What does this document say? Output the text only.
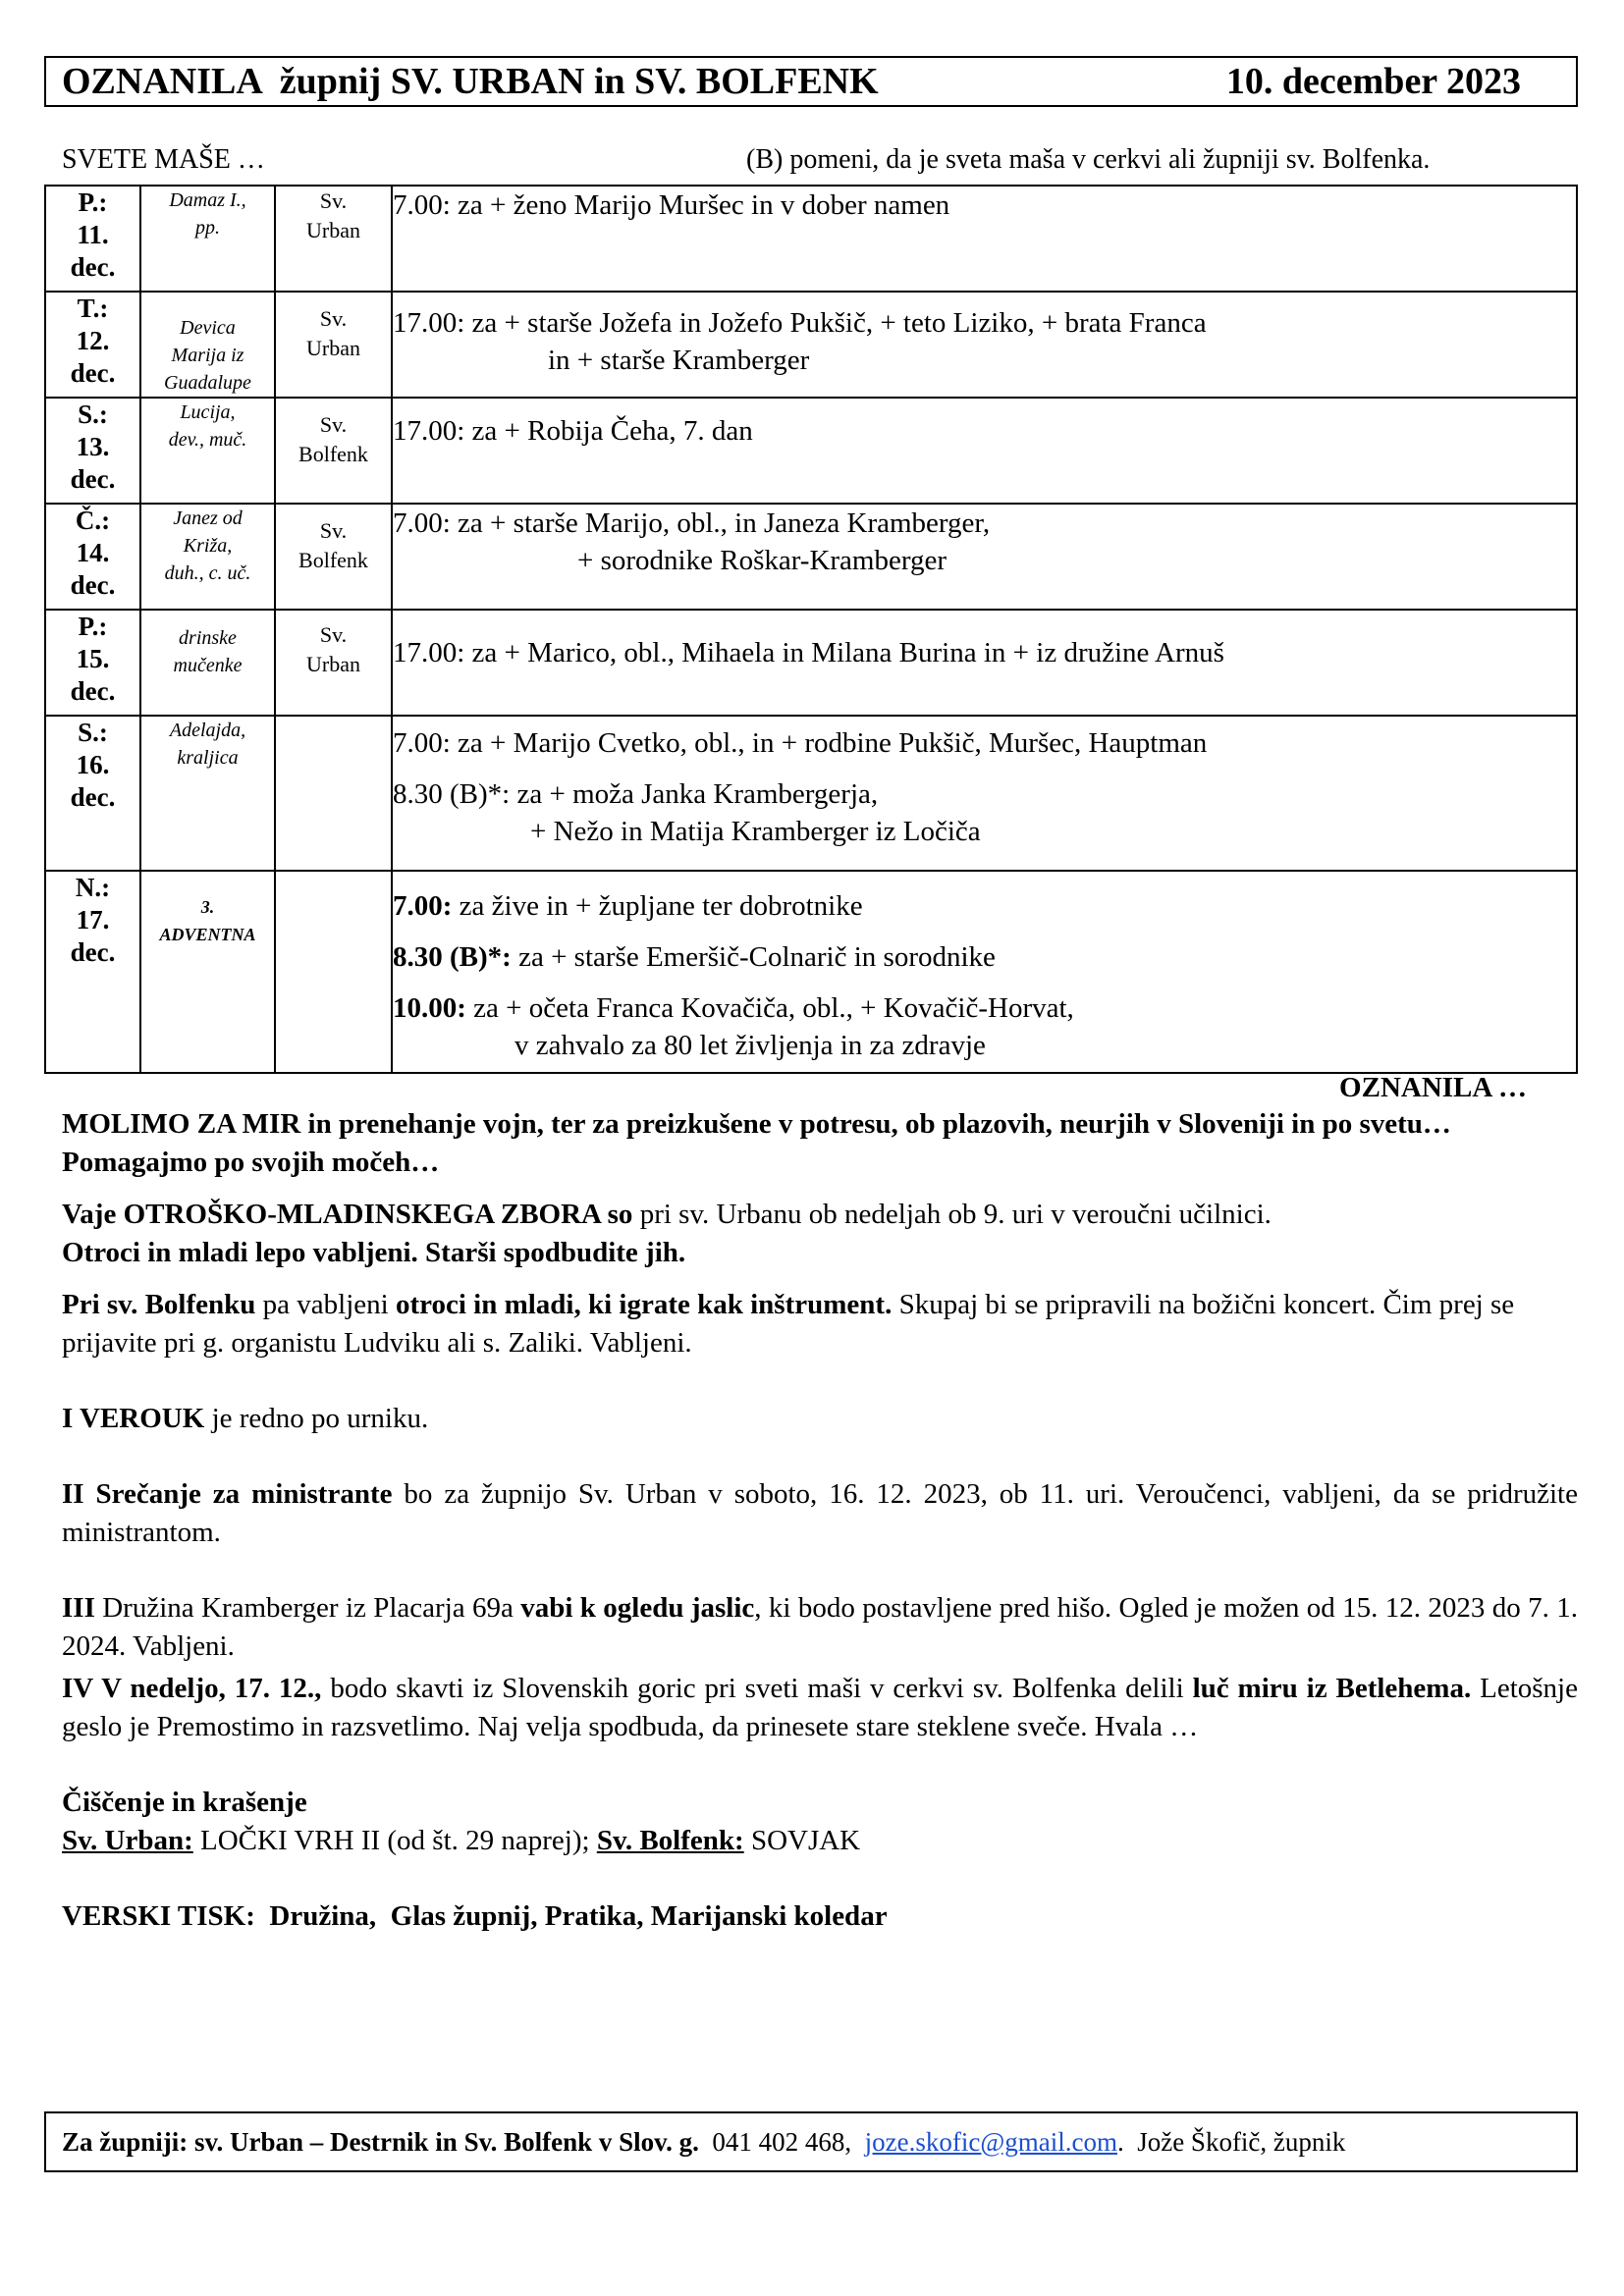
OZNANILA  župnij SV. URBAN in SV. BOLFENK	10. december 2023
SVETE MAŠE …	(B) pomeni, da je sveta maša v cerkvi ali župniji sv. Bolfenka.
P.:
11.
dec.	Damaz I.,
pp.	Sv.
Urban	7.00: za + ženo Marijo Muršec in v dober namen
T.:
12.
dec.	Devica
Marija iz
Guadalupe	Sv.
Urban	17.00: za + starše Jožefa in Jožefo Pukšič, + teto Liziko, + brata Franca
in + starše Kramberger

S.:
13.
dec.	Lucija,
dev., muč.	Sv.
Bolfenk	17.00: za + Robija Čeha, 7. dan
Č.:
14.
dec.	Janez od
Križa,
duh., c. uč.	Sv.
Bolfenk	7.00: za + starše Marijo, obl., in Janeza Kramberger,
+ sorodnike Roškar-Kramberger

P.:
15.
dec.	drinske
mučenke	Sv.
Urban	17.00: za + Marico, obl., Mihaela in Milana Burina in + iz družine Arnuš
S.:
16.
dec.	Adelajda,
kraljica		7.00: za + Marijo Cvetko, obl., in + rodbine Pukšič, Muršec, Hauptman
8.30 (B)*: za + moža Janka Krambergerja,
+ Nežo in Matija Kramberger iz Ločiča

N.:
17.
dec.	3.
ADVENTNA		7.00: za žive in + župljane ter dobrotnike
8.30 (B)*: za + starše Emeršič-Colnarič in sorodnike
10.00: za + očeta Franca Kovačiča, obl., + Kovačič-Horvat,
v zahvalo za 80 let življenja in za zdravje
OZNANILA …

MOLIMO ZA MIR in prenehanje vojn, ter za preizkušene v potresu, ob plazovih, neurjih v Sloveniji in po svetu… Pomagajmo po svojih močeh…

Vaje OTROŠKO-MLADINSKEGA ZBORA so pri sv. Urbanu ob nedeljah ob 9. uri v veroučni učilnici.
Otroci in mladi lepo vabljeni. Starši spodbudite jih.

Pri sv. Bolfenku pa vabljeni otroci in mladi, ki igrate kak inštrument. Skupaj bi se pripravili na božični koncert. Čim prej se prijavite pri g. organistu Ludviku ali s. Zaliki. Vabljeni.

I VEROUK je redno po urniku.

II Srečanje za ministrante bo za župnijo Sv. Urban v soboto, 16. 12. 2023, ob 11. uri. Veroučenci, vabljeni, da se pridružite ministrantom.

III Družina Kramberger iz Placarja 69a vabi k ogledu jaslic, ki bodo postavljene pred hišo. Ogled je možen od 15. 12. 2023 do 7. 1. 2024. Vabljeni.

IV V nedeljo, 17. 12., bodo skavti iz Slovenskih goric pri sveti maši v cerkvi sv. Bolfenka delili luč miru iz Betlehema. Letošnje geslo je Premostimo in razsvetlimo. Naj velja spodbuda, da prinesete stare steklene sveče. Hvala …

Čiščenje in krašenje

Sv. Urban: LOČKI VRH II (od št. 29 naprej); Sv. Bolfenk: SOVJAK

VERSKI TISK:  Družina,  Glas župnij, Pratika, Marijanski koledar

Za župniji: sv. Urban – Destrnik in Sv. Bolfenk v Slov. g.  041 402 468,  joze.skofic@gmail.com.  Jože Škofič, župnik
